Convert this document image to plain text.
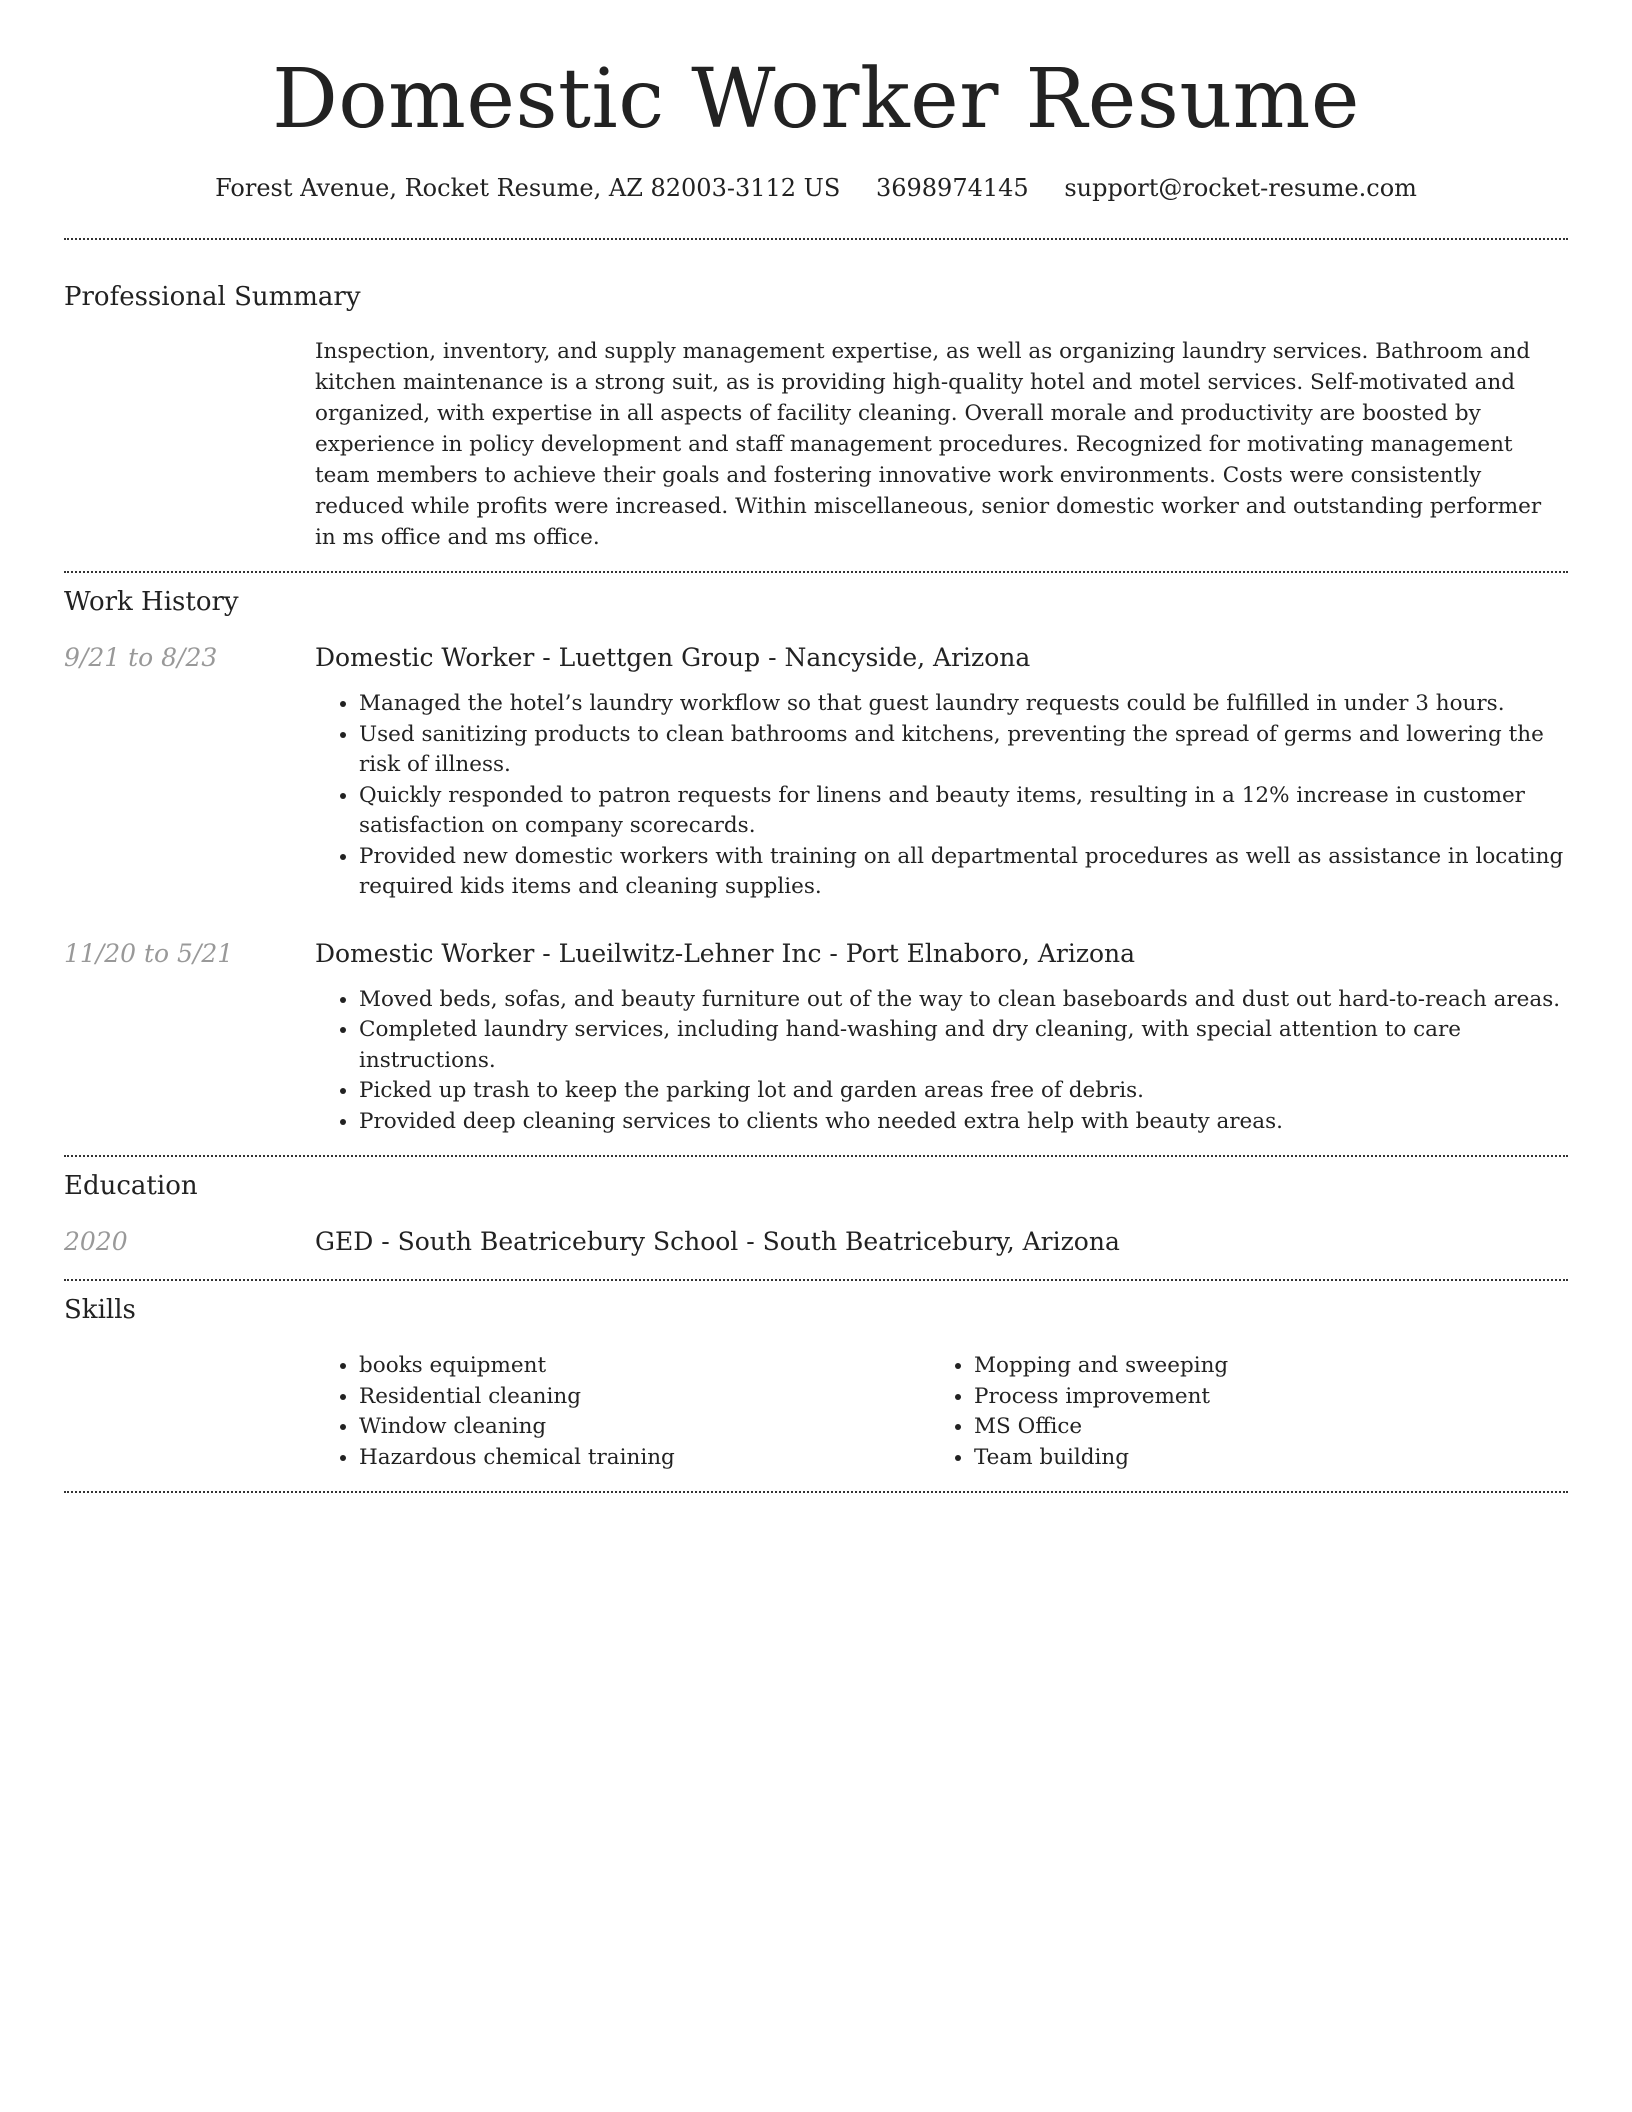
Domestic Worker Resume
Forest Avenue, Rocket Resume, AZ 82003-3112 US 3698974145 support@rocket-resume.com
Professional Summary
Inspection, inventory, and supply management expertise, as well as organizing laundry services. Bathroom and kitchen maintenance is a strong suit, as is providing high-quality hotel and motel services. Self-motivated and organized, with expertise in all aspects of facility cleaning. Overall morale and productivity are boosted by experience in policy development and staff management procedures. Recognized for motivating management team members to achieve their goals and fostering innovative work environments. Costs were consistently reduced while profits were increased. Within miscellaneous, senior domestic worker and outstanding performer in ms office and ms office.
Work History
9/21 to 8/23	Domestic Worker - Luettgen Group - Nancyside, Arizona
• Managed the hotel’s laundry workflow so that guest laundry requests could be fulfilled in under 3 hours.
• Used sanitizing products to clean bathrooms and kitchens, preventing the spread of germs and lowering the risk of illness.
• Quickly responded to patron requests for linens and beauty items, resulting in a 12% increase in customer satisfaction on company scorecards.
• Provided new domestic workers with training on all departmental procedures as well as assistance in locating required kids items and cleaning supplies.
11/20 to 5/21	Domestic Worker - Lueilwitz-Lehner Inc - Port Elnaboro, Arizona
• Moved beds, sofas, and beauty furniture out of the way to clean baseboards and dust out hard-to-reach areas.
• Completed laundry services, including hand-washing and dry cleaning, with special attention to care instructions.
• Picked up trash to keep the parking lot and garden areas free of debris.
• Provided deep cleaning services to clients who needed extra help with beauty areas.
Education
2020	GED - South Beatricebury School - South Beatricebury, Arizona
Skills
• books equipment
• Residential cleaning
• Window cleaning
• Hazardous chemical training
• Mopping and sweeping
• Process improvement
• MS Office
• Team building
